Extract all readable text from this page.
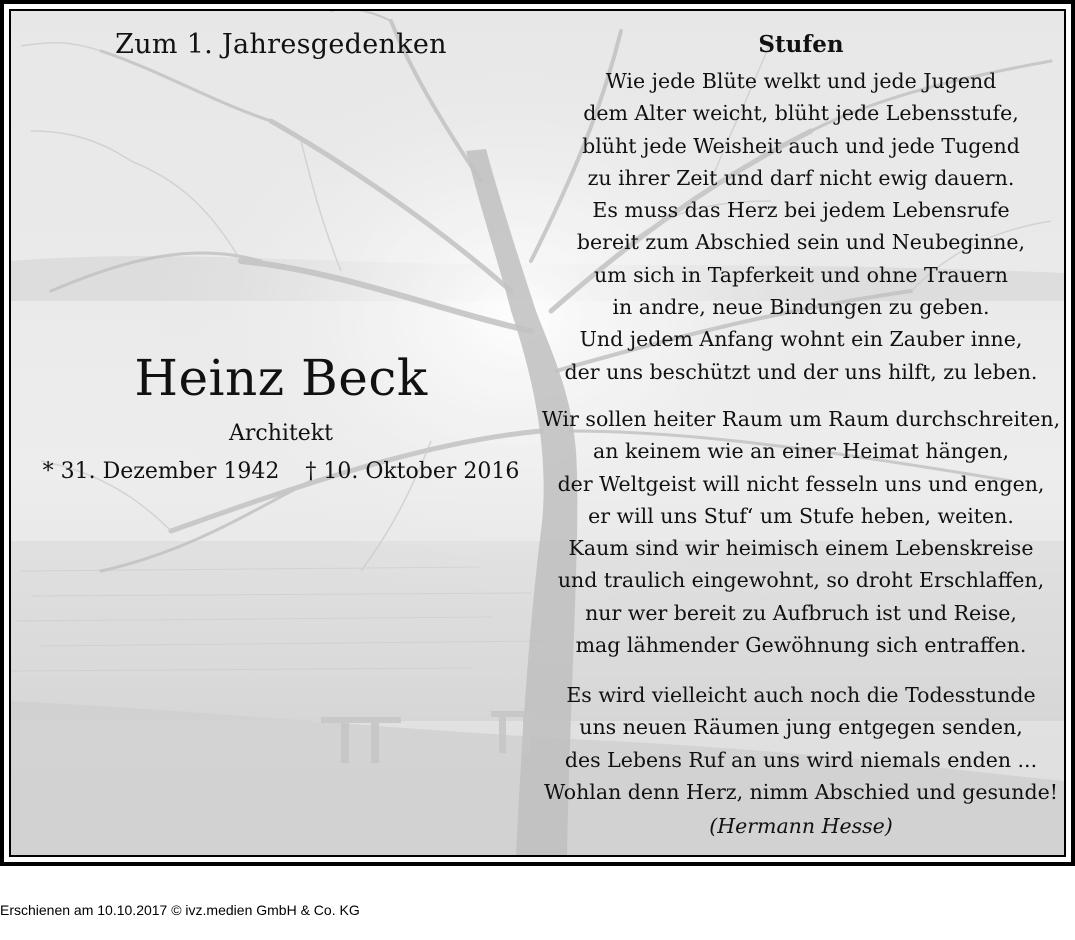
Zum 1. Jahresgedenken
Heinz Beck
Architekt
* 31. Dezember 1942 † 10. Oktober 2016
Stufen
Wie jede Blüte welkt und jede Jugend
dem Alter weicht, blüht jede Lebensstufe,
blüht jede Weisheit auch und jede Tugend
zu ihrer Zeit und darf nicht ewig dauern.
Es muss das Herz bei jedem Lebensrufe
bereit zum Abschied sein und Neubeginne,
um sich in Tapferkeit und ohne Trauern
in andre, neue Bindungen zu geben.
Und jedem Anfang wohnt ein Zauber inne,
der uns beschützt und der uns hilft, zu leben.
Wir sollen heiter Raum um Raum durchschreiten,
an keinem wie an einer Heimat hängen,
der Weltgeist will nicht fesseln uns und engen,
er will uns Stuf‘ um Stufe heben, weiten.
Kaum sind wir heimisch einem Lebenskreise
und traulich eingewohnt, so droht Erschlaffen,
nur wer bereit zu Aufbruch ist und Reise,
mag lähmender Gewöhnung sich entraffen.
Es wird vielleicht auch noch die Todesstunde
uns neuen Räumen jung entgegen senden,
des Lebens Ruf an uns wird niemals enden ...
Wohlan denn Herz, nimm Abschied und gesunde!
(Hermann Hesse)
Erschienen am 10.10.2017 © ivz.medien GmbH & Co. KG
